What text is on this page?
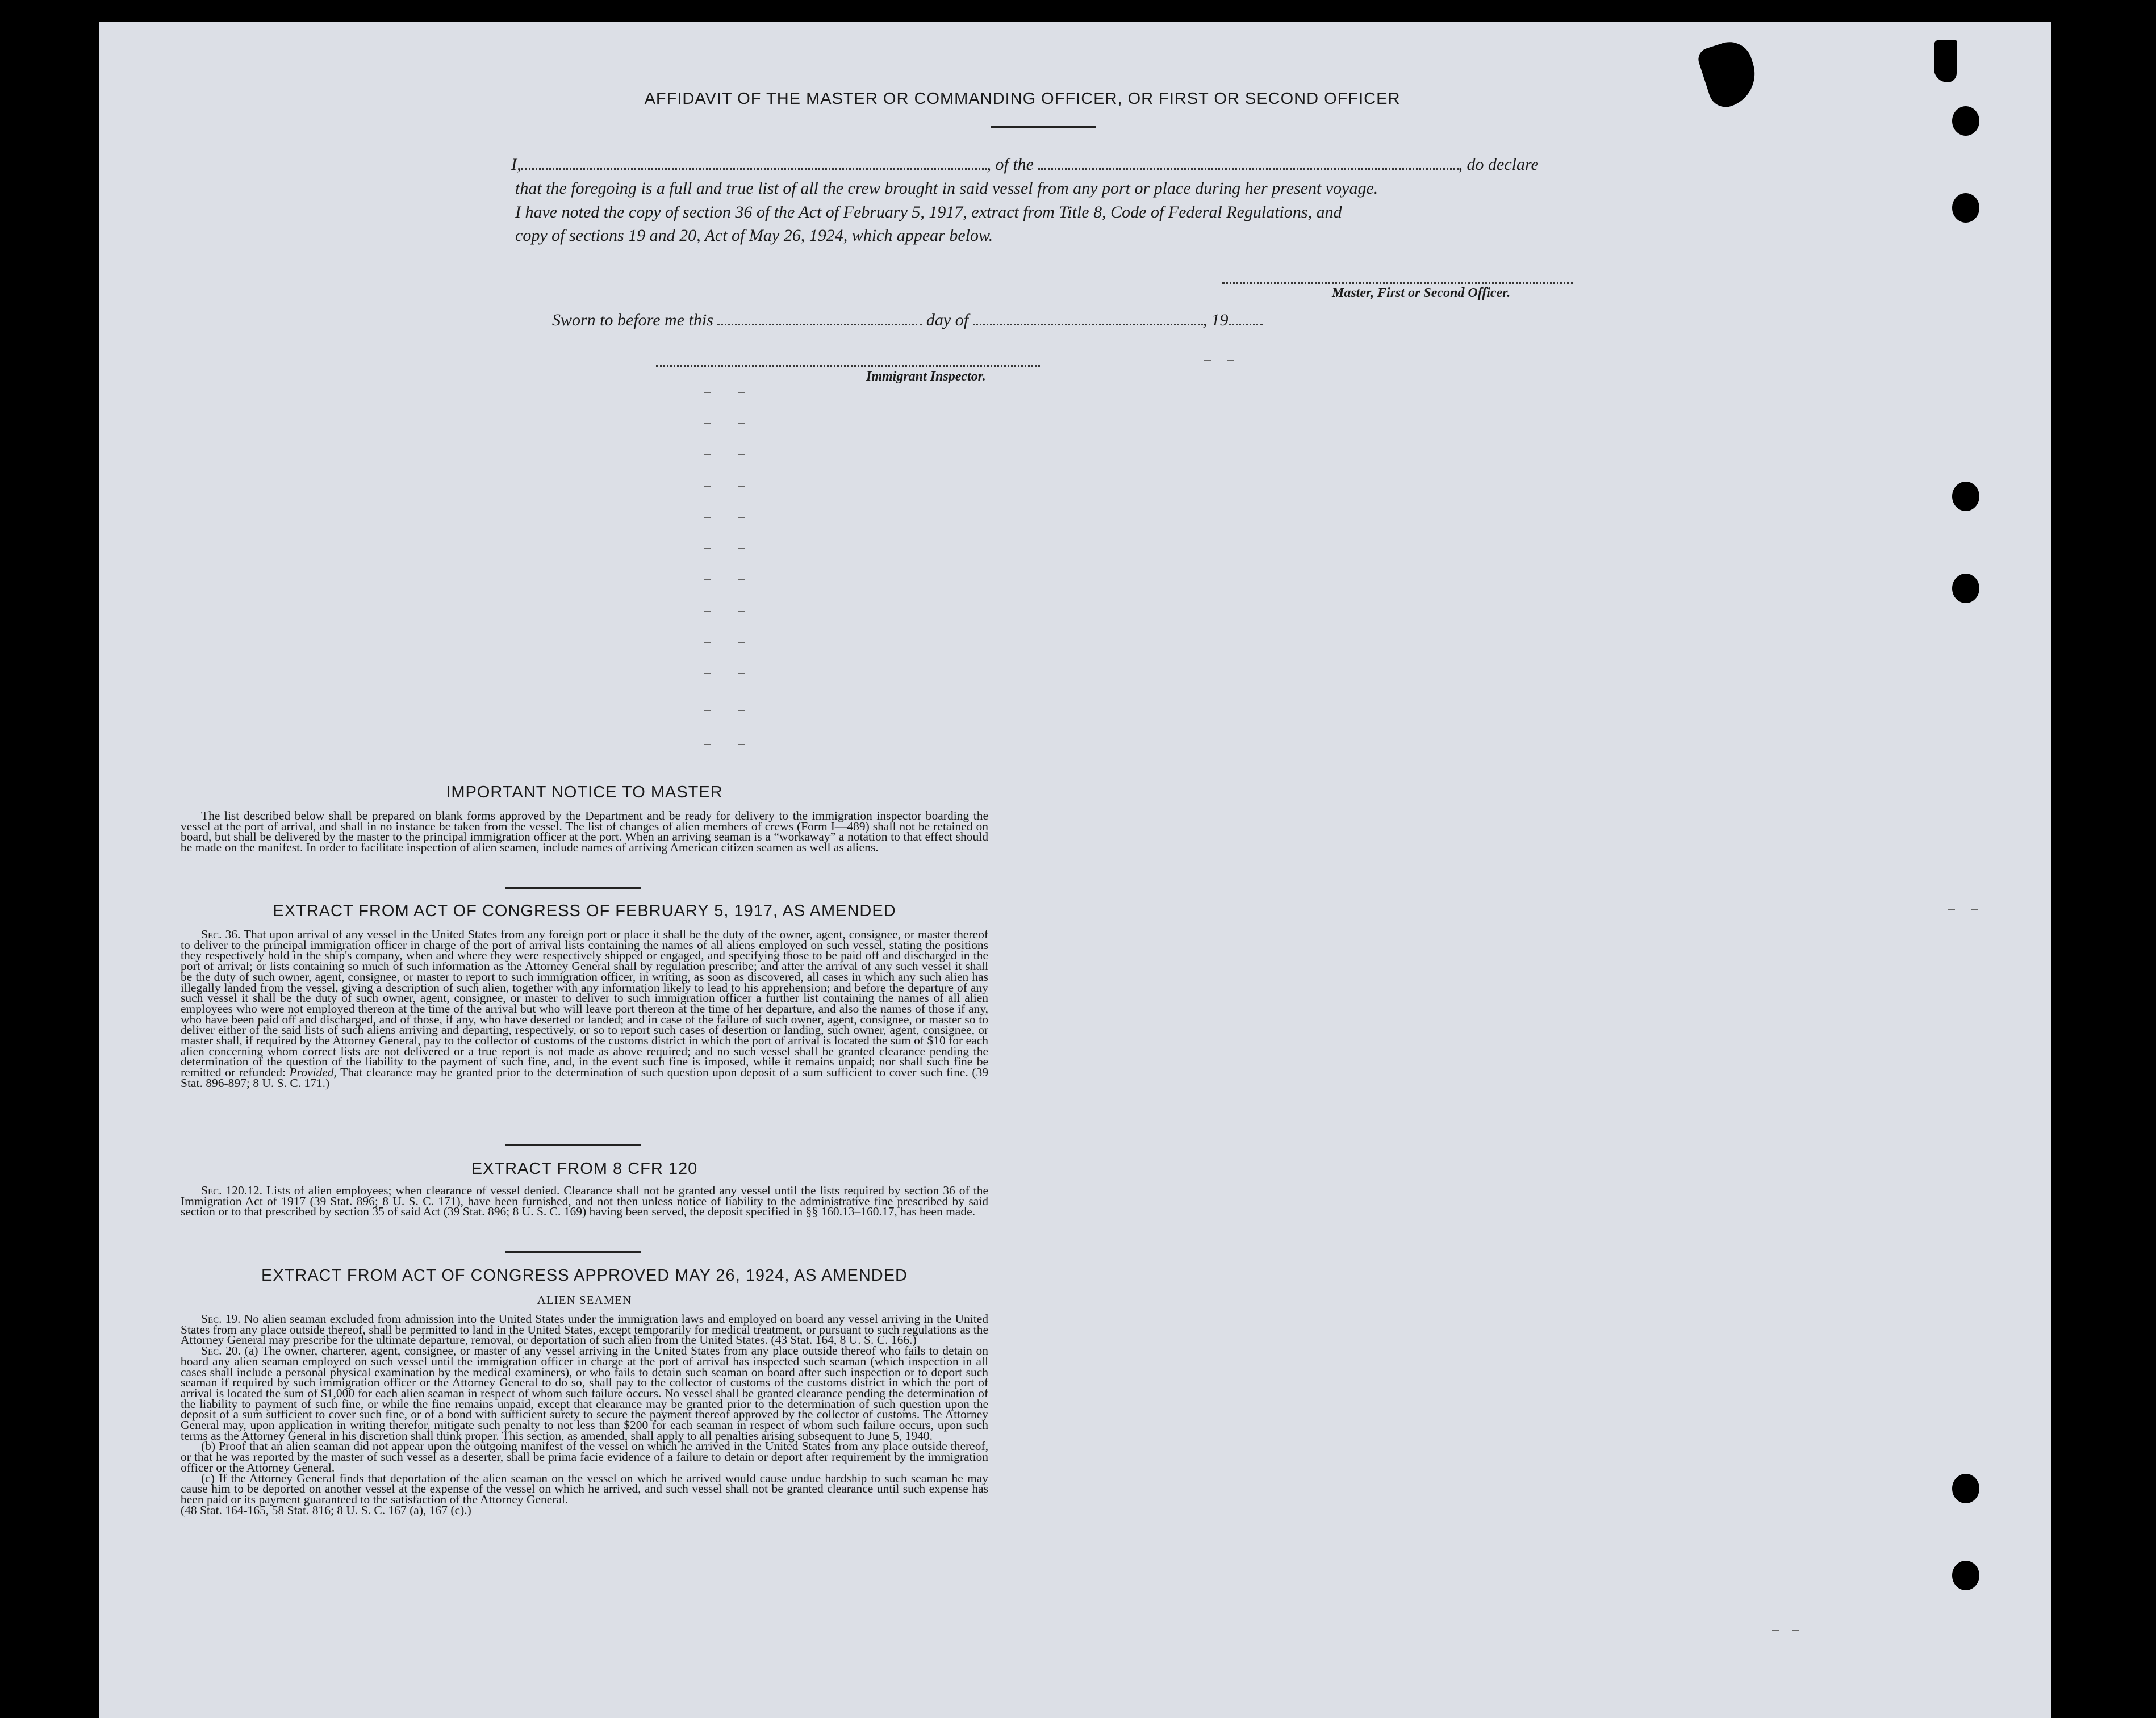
AFFIDAVIT OF THE MASTER OR COMMANDING OFFICER, OR FIRST OR SECOND OFFICER
I,	, of the	, do declare
that the foregoing is a full and true list of all the crew brought in said vessel from any port or place during her present voyage.
I have noted the copy of section 36 of the Act of February 5, 1917, extract from Title 8, Code of Federal Regulations, and
copy of sections 19 and 20, Act of May 26, 1924, which appear below.
Master, First or Second Officer.
Sworn to before me this	day of	, 19
Immigrant Inspector.
IMPORTANT NOTICE TO MASTER

The list described below shall be prepared on blank forms approved by the Department and be ready for delivery to the immigration inspector boarding the vessel at the port of arrival, and shall in no instance be taken from the vessel. The list of changes of alien members of crews (Form I—489) shall not be retained on board, but shall be delivered by the master to the principal immigration officer at the port. When an arriving seaman is a “workaway” a notation to that effect should be made on the manifest. In order to facilitate inspection of alien seamen, include names of arriving American citizen seamen as well as aliens.

EXTRACT FROM ACT OF CONGRESS OF FEBRUARY 5, 1917, AS AMENDED

Sec. 36. That upon arrival of any vessel in the United States from any foreign port or place it shall be the duty of the owner, agent, consignee, or master thereof to deliver to the principal immigration officer in charge of the port of arrival lists containing the names of all aliens employed on such vessel, stating the positions they respectively hold in the ship's company, when and where they were respectively shipped or engaged, and specifying those to be paid off and discharged in the port of arrival; or lists containing so much of such information as the Attorney General shall by regulation prescribe; and after the arrival of any such vessel it shall be the duty of such owner, agent, consignee, or master to report to such immigration officer, in writing, as soon as discovered, all cases in which any such alien has illegally landed from the vessel, giving a description of such alien, together with any information likely to lead to his apprehension; and before the departure of any such vessel it shall be the duty of such owner, agent, consignee, or master to deliver to such immigration officer a further list containing the names of all alien employees who were not employed thereon at the time of the arrival but who will leave port thereon at the time of her departure, and also the names of those if any, who have been paid off and discharged, and of those, if any, who have deserted or landed; and in case of the failure of such owner, agent, consignee, or master so to deliver either of the said lists of such aliens arriving and departing, respectively, or so to report such cases of desertion or landing, such owner, agent, consignee, or master shall, if required by the Attorney General, pay to the collector of customs of the customs district in which the port of arrival is located the sum of $10 for each alien concerning whom correct lists are not delivered or a true report is not made as above required; and no such vessel shall be granted clearance pending the determination of the question of the liability to the payment of such fine, and, in the event such fine is imposed, while it remains unpaid; nor shall such fine be remitted or refunded: Provided, That clearance may be granted prior to the determination of such question upon deposit of a sum sufficient to cover such fine. (39 Stat. 896-897; 8 U. S. C. 171.)

EXTRACT FROM 8 CFR 120

Sec. 120.12. Lists of alien employees; when clearance of vessel denied. Clearance shall not be granted any vessel until the lists required by section 36 of the Immigration Act of 1917 (39 Stat. 896; 8 U. S. C. 171), have been furnished, and not then unless notice of liability to the administrative fine prescribed by said section or to that prescribed by section 35 of said Act (39 Stat. 896; 8 U. S. C. 169) having been served, the deposit specified in §§ 160.13–160.17, has been made.

EXTRACT FROM ACT OF CONGRESS APPROVED MAY 26, 1924, AS AMENDED
ALIEN SEAMEN

Sec. 19. No alien seaman excluded from admission into the United States under the immigration laws and employed on board any vessel arriving in the United States from any place outside thereof, shall be permitted to land in the United States, except temporarily for medical treatment, or pursuant to such regulations as the Attorney General may prescribe for the ultimate departure, removal, or deportation of such alien from the United States. (43 Stat. 164, 8 U. S. C. 166.)

Sec. 20. (a) The owner, charterer, agent, consignee, or master of any vessel arriving in the United States from any place outside thereof who fails to detain on board any alien seaman employed on such vessel until the immigration officer in charge at the port of arrival has inspected such seaman (which inspection in all cases shall include a personal physical examination by the medical examiners), or who fails to detain such seaman on board after such inspection or to deport such seaman if required by such immigration officer or the Attorney General to do so, shall pay to the collector of customs of the customs district in which the port of arrival is located the sum of $1,000 for each alien seaman in respect of whom such failure occurs. No vessel shall be granted clearance pending the determination of the liability to payment of such fine, or while the fine remains unpaid, except that clearance may be granted prior to the determination of such question upon the deposit of a sum sufficient to cover such fine, or of a bond with sufficient surety to secure the payment thereof approved by the collector of customs. The Attorney General may, upon application in writing therefor, mitigate such penalty to not less than $200 for each seaman in respect of whom such failure occurs, upon such terms as the Attorney General in his discretion shall think proper. This section, as amended, shall apply to all penalties arising subsequent to June 5, 1940.

(b) Proof that an alien seaman did not appear upon the outgoing manifest of the vessel on which he arrived in the United States from any place outside thereof, or that he was reported by the master of such vessel as a deserter, shall be prima facie evidence of a failure to detain or deport after requirement by the immigration officer or the Attorney General.

(c) If the Attorney General finds that deportation of the alien seaman on the vessel on which he arrived would cause undue hardship to such seaman he may cause him to be deported on another vessel at the expense of the vessel on which he arrived, and such vessel shall not be granted clearance until such expense has been paid or its payment guaranteed to the satisfaction of the Attorney General.

(48 Stat. 164-165, 58 Stat. 816; 8 U. S. C. 167 (a), 167 (c).)
